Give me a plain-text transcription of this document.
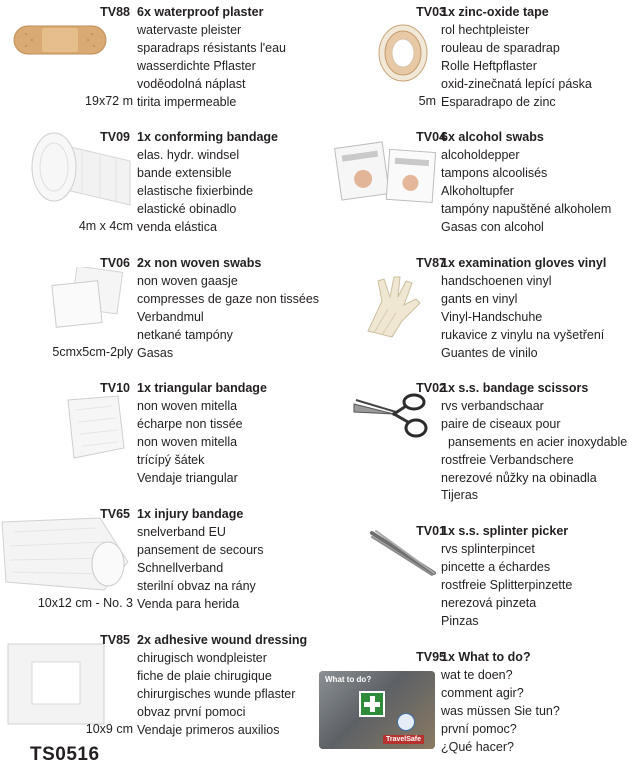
TV88 6x waterproof plaster
watervaste pleister
sparadraps résistants l'eau
wasserdichte Pflaster
voděodolná náplast
tirita impermeable
19x72 m
TV09 1x conforming bandage
elas. hydr. windsel
bande extensible
elastische fixierbinde
elastické obinadlo
venda elástica
4m x 4cm
TV06 2x non woven swabs
non woven gaasje
compresses de gaze non tissées
Verbandmul
netkané tampóny
Gasas
5cmx5cm-2ply
TV10 1x triangular bandage
non woven mitella
écharpe non tissée
non woven mitella
trícípý šátek
Vendaje triangular
TV65 1x injury bandage
snelverband EU
pansement de secours
Schnellverband
sterilní obvaz na rány
Venda para herida
10x12 cm - No. 3
TV85 2x adhesive wound dressing
chirugisch wondpleister
fiche de plaie chirugique
chirurgisches wunde pflaster
obvaz první pomoci
Vendaje primeros auxilios
10x9 cm
TV03
1x zinc-oxide tape
rol hechtpleister
rouleau de sparadrap
Rolle Heftpflaster
oxid-zinečnatá lepící páska
Esparadrapo de zinc
5m
TV04
6x alcohol swabs
alcoholdepper
tampons alcoolisés
Alkoholtupfer
tampóny napuštěné alkoholem
Gasas con alcohol
TV87
1x examination gloves vinyl
handschoenen vinyl
gants en vinyl
Vinyl-Handschuhe
rukavice z vinylu na vyšetření
Guantes de vinilo
TV02
1x s.s. bandage scissors
rvs verbandschaar
paire de ciseaux pour
pansements en acier inoxydable
rostfreie Verbandschere
nerezové nůžky na obinadla
Tijeras
TV01
1x s.s. splinter picker
rvs splinterpincet
pincette a échardes
rostfreie Splitterpinzette
nerezová pinzeta
Pinzas
What to do?
TravelSafe
TV95
1x What to do?
wat te doen?
comment agir?
was müssen Sie tun?
první pomoc?
¿Qué hacer?
TS0516
